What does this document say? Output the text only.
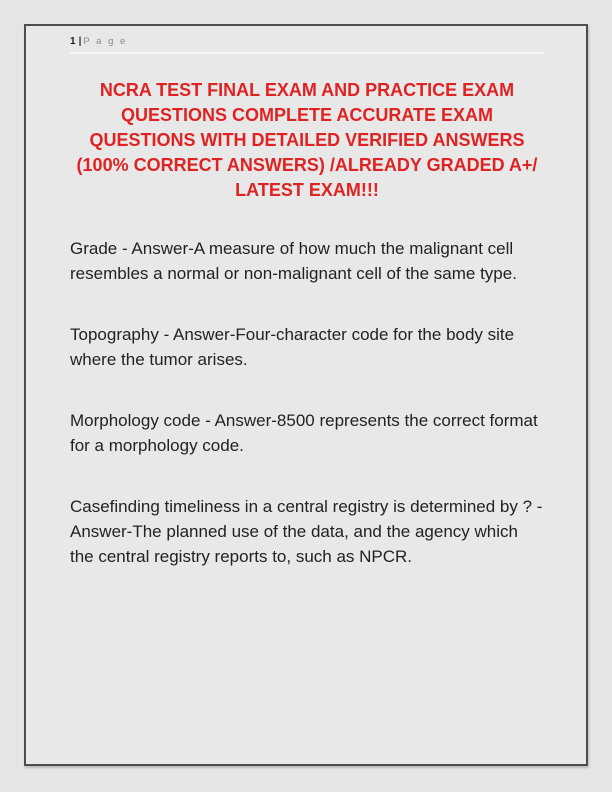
1 | P a g e
NCRA TEST FINAL EXAM AND PRACTICE EXAM
QUESTIONS COMPLETE ACCURATE EXAM
QUESTIONS WITH DETAILED VERIFIED ANSWERS
(100% CORRECT ANSWERS) /ALREADY GRADED A+/
LATEST EXAM!!!

Grade - Answer-A measure of how much the malignant cell resembles a normal or non-malignant cell of the same type.

Topography - Answer-Four-character code for the body site where the tumor arises.

Morphology code - Answer-8500 represents the correct format for a morphology code.

Casefinding timeliness in a central registry is determined by ? - Answer-The planned use of the data, and the agency which the central registry reports to, such as NPCR.
